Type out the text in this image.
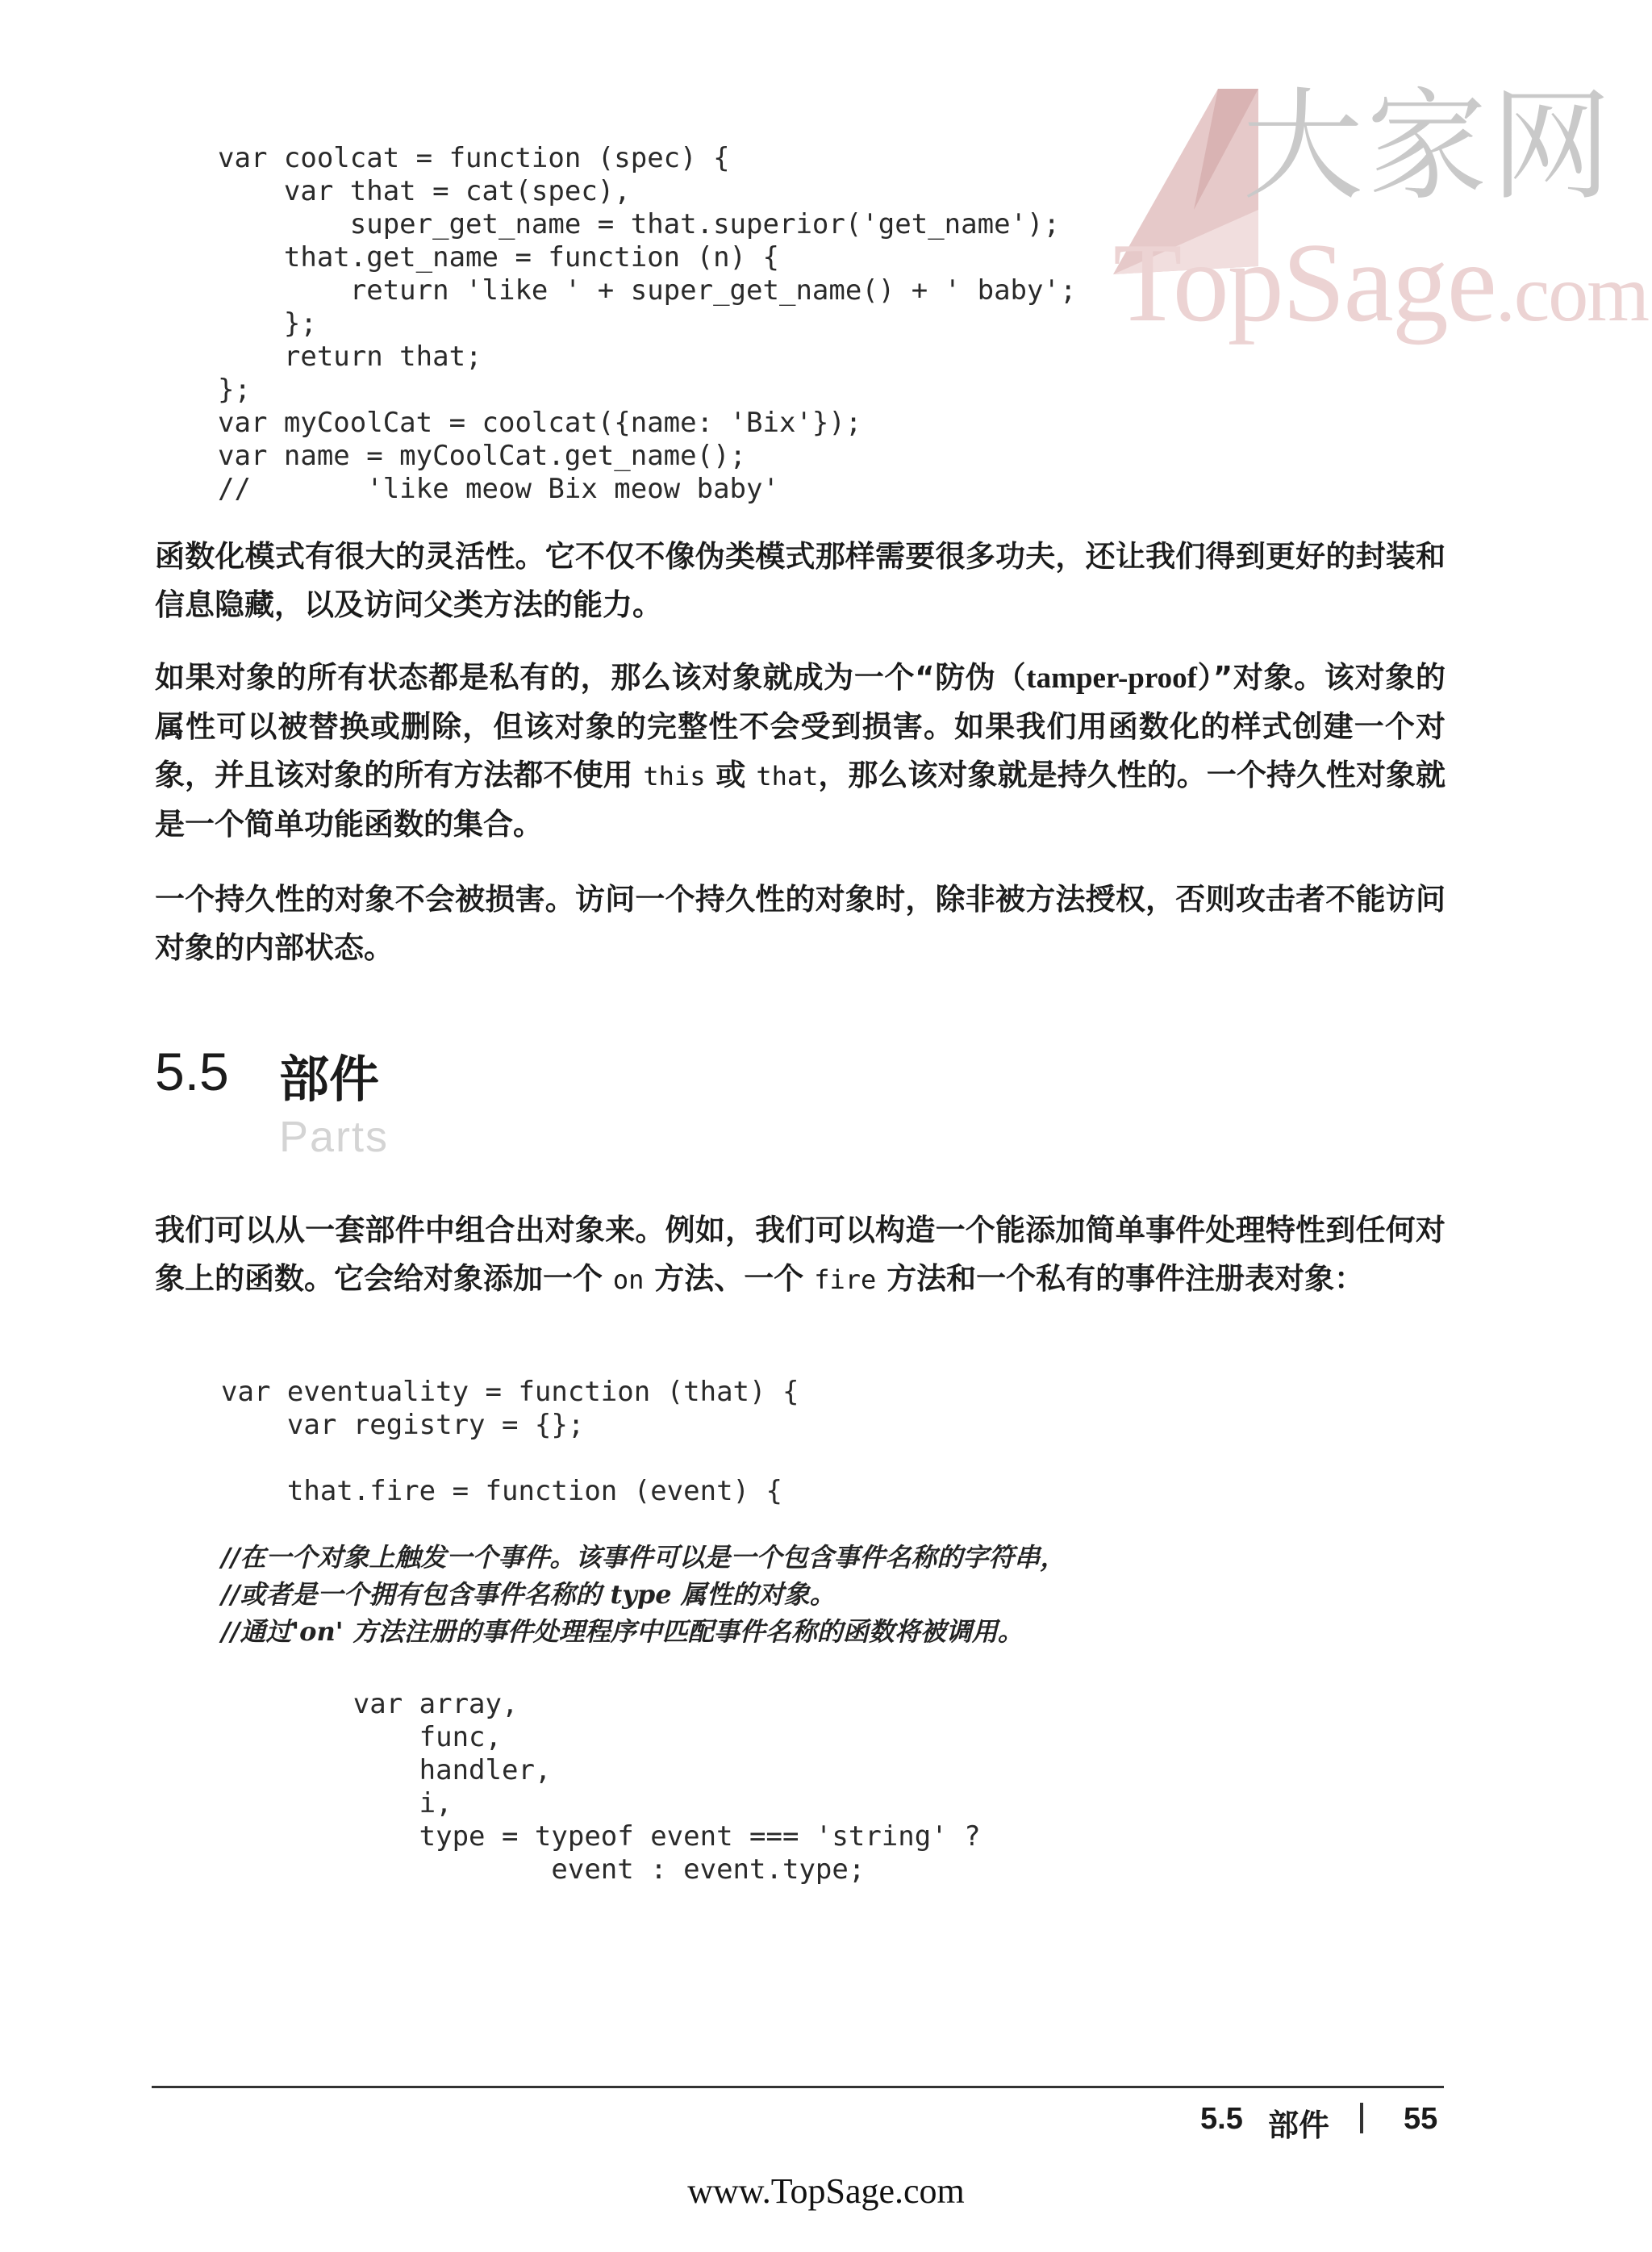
大家网
TopSage.com
var coolcat = function (spec) {
var that = cat(spec),
super_get_name = that.superior('get_name');
that.get_name = function (n) {
return 'like ' + super_get_name() + ' baby';
};
return that;
};
var myCoolCat = coolcat({name: 'Bix'});
var name = myCoolCat.get_name();
//       'like meow Bix meow baby'

函数化模式有很大的灵活性。它不仅不像伪类模式那样需要很多功夫，还让我们得到更好的封装和信息隐藏，以及访问父类方法的能力。

如果对象的所有状态都是私有的，那么该对象就成为一个“防伪（tamper-proof）”对象。该对象的属性可以被替换或删除，但该对象的完整性不会受到损害。如果我们用函数化的样式创建一个对象，并且该对象的所有方法都不使用 this 或 that，那么该对象就是持久性的。一个持久性对象就是一个简单功能函数的集合。

一个持久性的对象不会被损害。访问一个持久性的对象时，除非被方法授权，否则攻击者不能访问对象的内部状态。

5.5 部件
Parts

我们可以从一套部件中组合出对象来。例如，我们可以构造一个能添加简单事件处理特性到任何对象上的函数。它会给对象添加一个 on 方法、一个 fire 方法和一个私有的事件注册表对象：

var eventuality = function (that) {
var registry = {};
that.fire = function (event) {
//在一个对象上触发一个事件。该事件可以是一个包含事件名称的字符串，
//或者是一个拥有包含事件名称的 type 属性的对象。
//通过'on' 方法注册的事件处理程序中匹配事件名称的函数将被调用。
var array,
func,
handler,
i,
type = typeof event === 'string' ?
event : event.type;
5.5 部件 55
www.TopSage.com
